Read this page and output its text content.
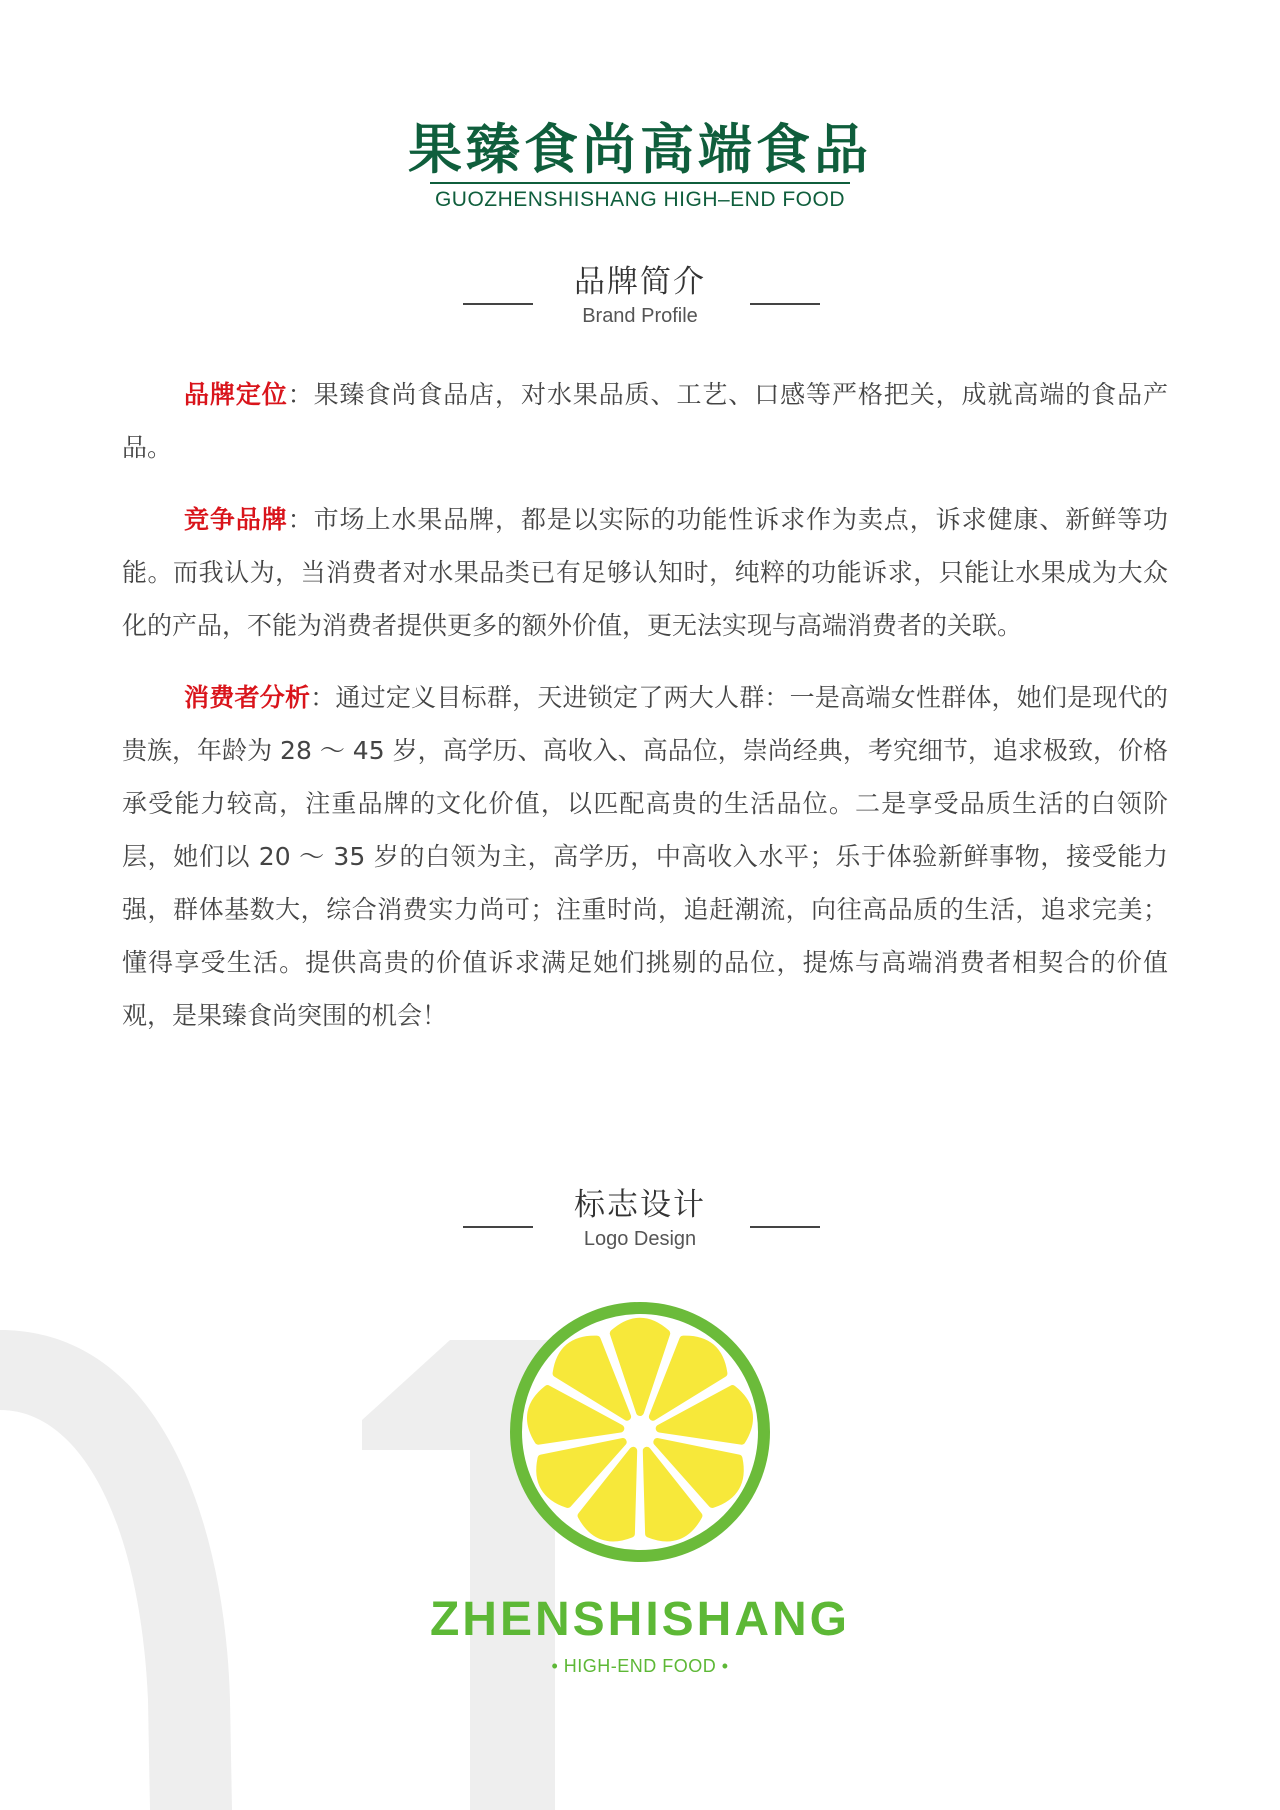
果臻食尚高端食品
GUOZHENSHISHANG HIGH–END FOOD
品牌简介
Brand Profile

品牌定位：果臻食尚食品店，对水果品质、工艺、口感等严格把关，成就高端的食品产品。

竞争品牌：市场上水果品牌，都是以实际的功能性诉求作为卖点，诉求健康、新鲜等功能。而我认为，当消费者对水果品类已有足够认知时，纯粹的功能诉求，只能让水果成为大众化的产品，不能为消费者提供更多的额外价值，更无法实现与高端消费者的关联。

消费者分析：通过定义目标群，天进锁定了两大人群：一是高端女性群体，她们是现代的贵族，年龄为 28 ～ 45 岁，高学历、高收入、高品位，崇尚经典，考究细节，追求极致，价格承受能力较高，注重品牌的文化价值，以匹配高贵的生活品位。二是享受品质生活的白领阶层，她们以 20 ～ 35 岁的白领为主，高学历，中高收入水平；乐于体验新鲜事物，接受能力强，群体基数大，综合消费实力尚可；注重时尚，追赶潮流，向往高品质的生活，追求完美；懂得享受生活。提供高贵的价值诉求满足她们挑剔的品位，提炼与高端消费者相契合的价值观，是果臻食尚突围的机会！

标志设计
Logo Design
ZHENSHISHANG
• HIGH-END FOOD •
